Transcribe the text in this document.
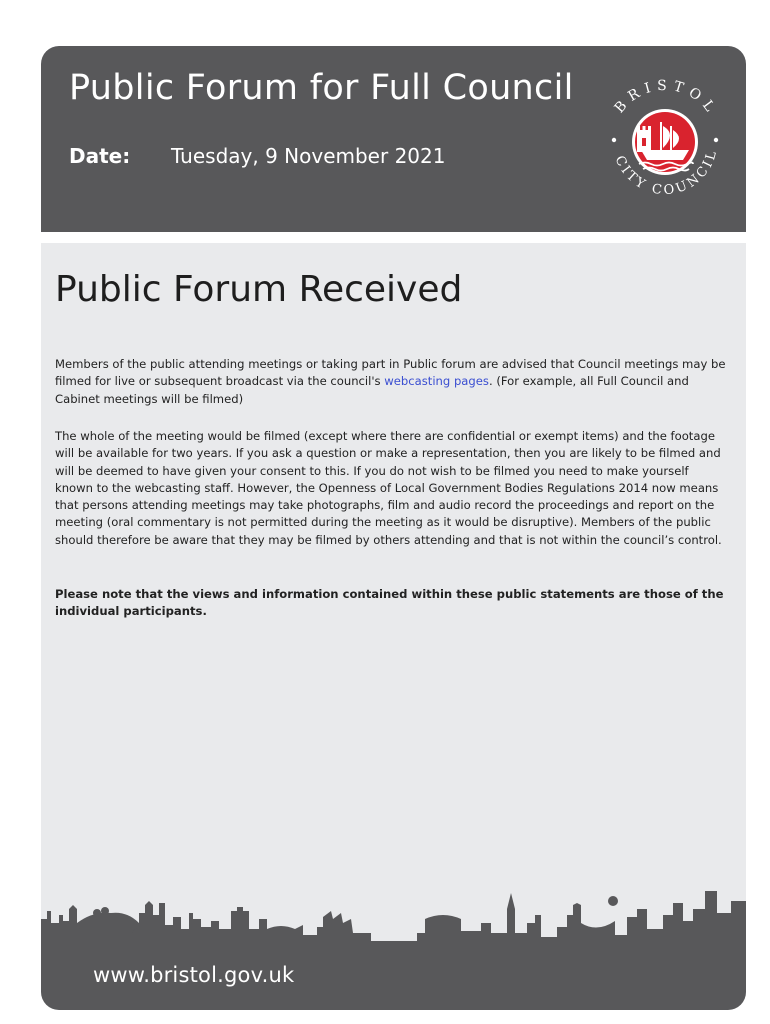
Public Forum for Full Council
Date: Tuesday, 9 November 2021
BRISTOL
CITY COUNCIL
Public Forum Received
Members of the public attending meetings or taking part in Public forum are advised that Council meetings may be filmed for live or subsequent broadcast via the council's webcasting pages. (For example, all Full Council and Cabinet meetings will be filmed)
The whole of the meeting would be filmed (except where there are confidential or exempt items) and the footage will be available for two years. If you ask a question or make a representation, then you are likely to be filmed and will be deemed to have given your consent to this. If you do not wish to be filmed you need to make yourself known to the webcasting staff. However, the Openness of Local Government Bodies Regulations 2014 now means that persons attending meetings may take photographs, film and audio record the proceedings and report on the meeting (oral commentary is not permitted during the meeting as it would be disruptive). Members of the public should therefore be aware that they may be filmed by others attending and that is not within the council’s control.
Please note that the views and information contained within these public statements are those of the individual participants.
www.bristol.gov.uk
